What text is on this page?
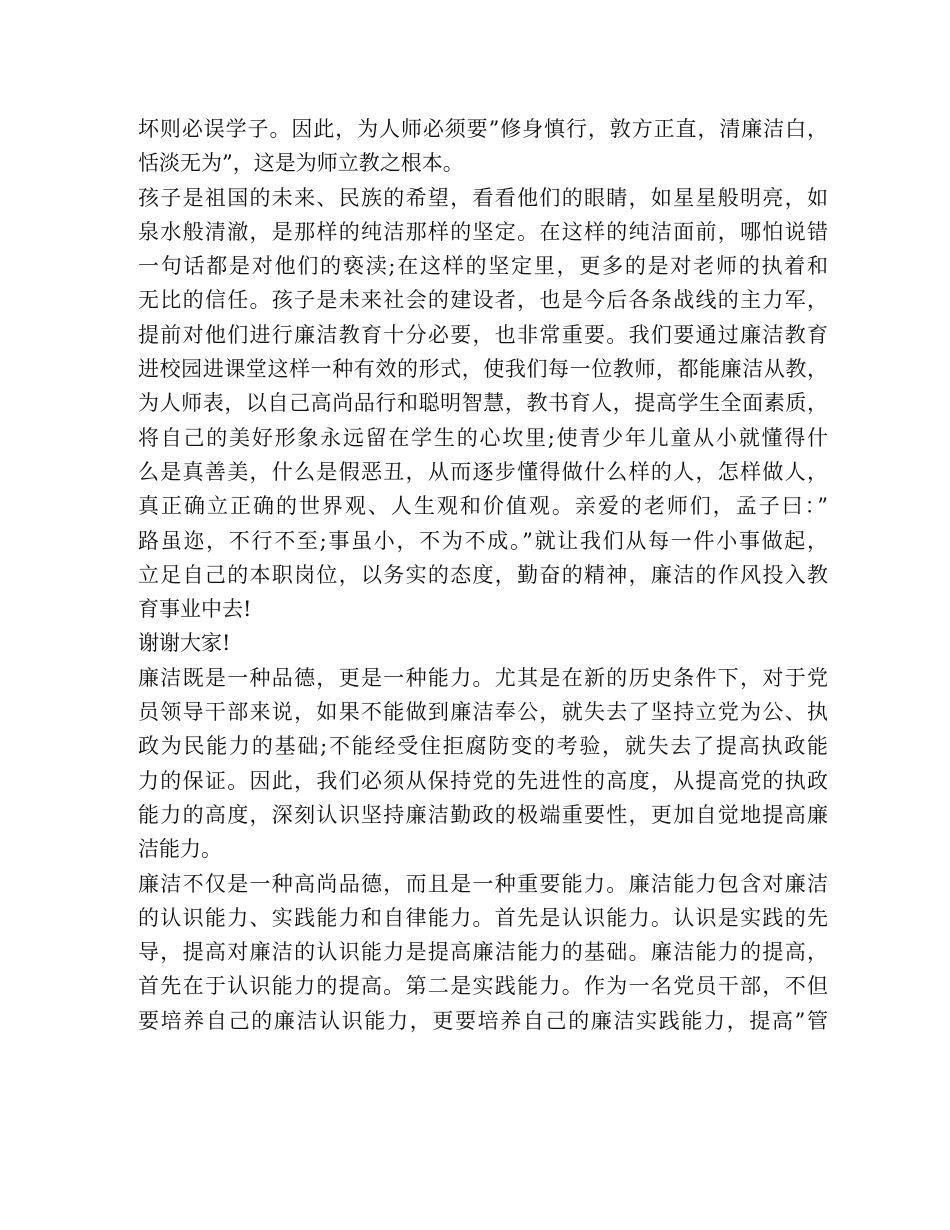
坏则必误学子。因此，为人师必须要”修身慎行，敦方正直，清廉洁白，
恬淡无为”，这是为师立教之根本。
孩子是祖国的未来、民族的希望，看看他们的眼睛，如星星般明亮，如
泉水般清澈，是那样的纯洁那样的坚定。在这样的纯洁面前，哪怕说错
一句话都是对他们的亵渎;在这样的坚定里，更多的是对老师的执着和
无比的信任。孩子是未来社会的建设者，也是今后各条战线的主力军，
提前对他们进行廉洁教育十分必要，也非常重要。我们要通过廉洁教育
进校园进课堂这样一种有效的形式，使我们每一位教师，都能廉洁从教，
为人师表，以自己高尚品行和聪明智慧，教书育人，提高学生全面素质，
将自己的美好形象永远留在学生的心坎里;使青少年儿童从小就懂得什
么是真善美，什么是假恶丑，从而逐步懂得做什么样的人，怎样做人，
真正确立正确的世界观、人生观和价值观。亲爱的老师们，孟子曰：”
路虽迩，不行不至;事虽小，不为不成。”就让我们从每一件小事做起，
立足自己的本职岗位，以务实的态度，勤奋的精神，廉洁的作风投入教
育事业中去!
谢谢大家!
廉洁既是一种品德，更是一种能力。尤其是在新的历史条件下，对于党
员领导干部来说，如果不能做到廉洁奉公，就失去了坚持立党为公、执
政为民能力的基础;不能经受住拒腐防变的考验，就失去了提高执政能
力的保证。因此，我们必须从保持党的先进性的高度，从提高党的执政
能力的高度，深刻认识坚持廉洁勤政的极端重要性，更加自觉地提高廉
洁能力。
廉洁不仅是一种高尚品德，而且是一种重要能力。廉洁能力包含对廉洁
的认识能力、实践能力和自律能力。首先是认识能力。认识是实践的先
导，提高对廉洁的认识能力是提高廉洁能力的基础。廉洁能力的提高，
首先在于认识能力的提高。第二是实践能力。作为一名党员干部，不但
要培养自己的廉洁认识能力，更要培养自己的廉洁实践能力，提高”管
